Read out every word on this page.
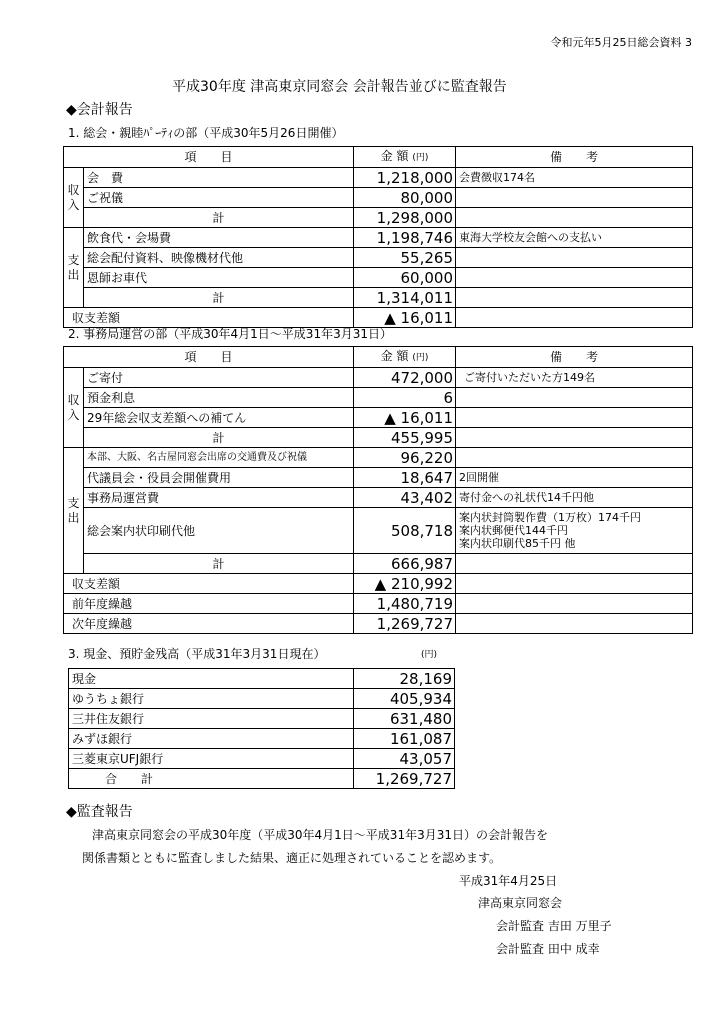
令和元年5月25日総会資料 3
平成30年度 津高東京同窓会 会計報告並びに監査報告
◆会計報告
1. 総会・親睦ﾊﾟｰﾃｨの部（平成30年5月26日開催）
項　　目		金 額 (円)	備　　考
収入	会　費	1,218,000	会費徴収174名
	ご祝儀	80,000	
	計	1,298,000	
支出	飲食代・会場費	1,198,746	東海大学校友会館への支払い
	総会配付資料、映像機材代他	55,265	
	恩師お車代	60,000	
	計	1,314,011	
収支差額		▲ 16,011	
2. 事務局運営の部（平成30年4月1日～平成31年3月31日）
項　　目		金 額 (円)	備　　考
収入	ご寄付	472,000	ご寄付いただいた方149名
	預金利息	6	
	29年総会収支差額への補てん	▲ 16,011	
	計	455,995	
支出	本部、大阪、名古屋同窓会出席の交通費及び祝儀	96,220	
	代議員会・役員会開催費用	18,647	2回開催
	事務局運営費	43,402	寄付金への礼状代14千円他
	総会案内状印刷代他	508,718	案内状封筒製作費（1万枚）174千円
案内状郵便代144千円
案内状印刷代85千円 他

	計	666,987	
収支差額		▲ 210,992	
前年度繰越		1,480,719	
次年度繰越		1,269,727	
3. 現金、預貯金残高（平成31年3月31日現在）	(円)
現金	28,169
ゆうちょ銀行	405,934
三井住友銀行	631,480
みずほ銀行	161,087
三菱東京UFJ銀行	43,057
合　　計	1,269,727
◆監査報告
津高東京同窓会の平成30年度（平成30年4月1日～平成31年3月31日）の会計報告を
関係書類とともに監査しました結果、適正に処理されていることを認めます。
平成31年4月25日
津高東京同窓会
会計監査 吉田 万里子
会計監査 田中 成幸
